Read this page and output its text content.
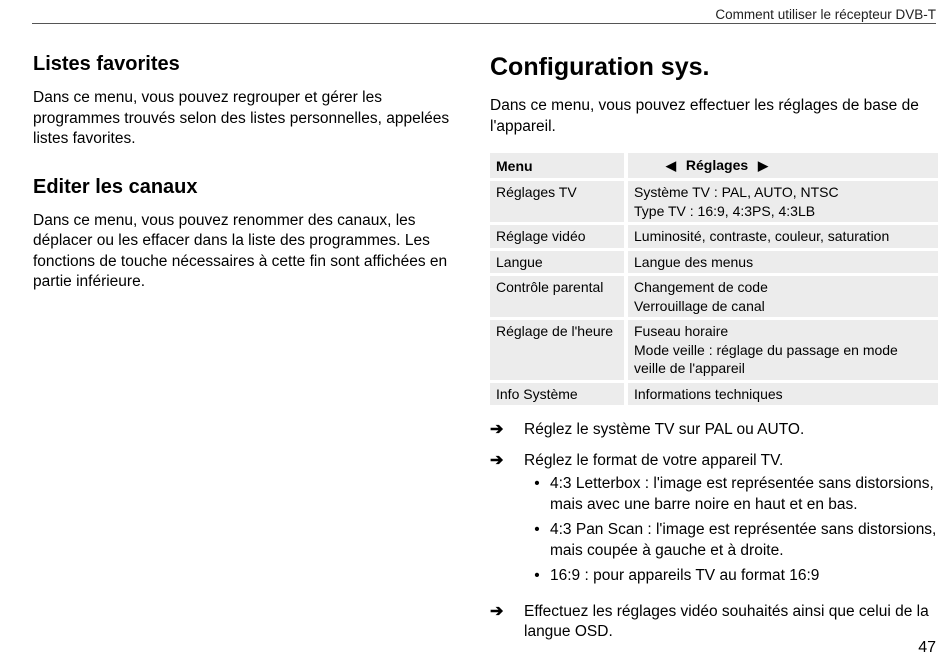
Comment utiliser le récepteur DVB-T
Listes favorites

Dans ce menu, vous pouvez regrouper et gérer les programmes trouvés selon des listes personnelles, appelées listes favorites.

Editer les canaux

Dans ce menu, vous pouvez renommer des canaux, les déplacer ou les effacer dans la liste des programmes. Les fonctions de touche nécessaires à cette fin sont affichées en partie inférieure.

Configuration sys.

Dans ce menu, vous pouvez effectuer les réglages de base de l'appareil.

Menu	◀ Réglages ▶
Réglages TV	Système TV : PAL, AUTO, NTSC
Type TV : 16:9, 4:3PS, 4:3LB

Réglage vidéo	Luminosité, contraste, couleur, saturation

Langue	Langue des menus

Contrôle parental	Changement de code
Verrouillage de canal

Réglage de l'heure	Fuseau horaire
Mode veille : réglage du passage en mode veille de l'appareil

Info Système	Informations techniques
➔	Réglez le système TV sur PAL ou AUTO.
➔	Réglez le format de votre appareil TV.
• 4:3 Letterbox : l'image est représentée sans distorsions, mais avec une barre noire en haut et en bas.
• 4:3 Pan Scan : l'image est représentée sans distorsions, mais coupée à gauche et à droite.
• 16:9 : pour appareils TV au format 16:9
➔	Effectuez les réglages vidéo souhaités ainsi que celui de la langue OSD.
47
